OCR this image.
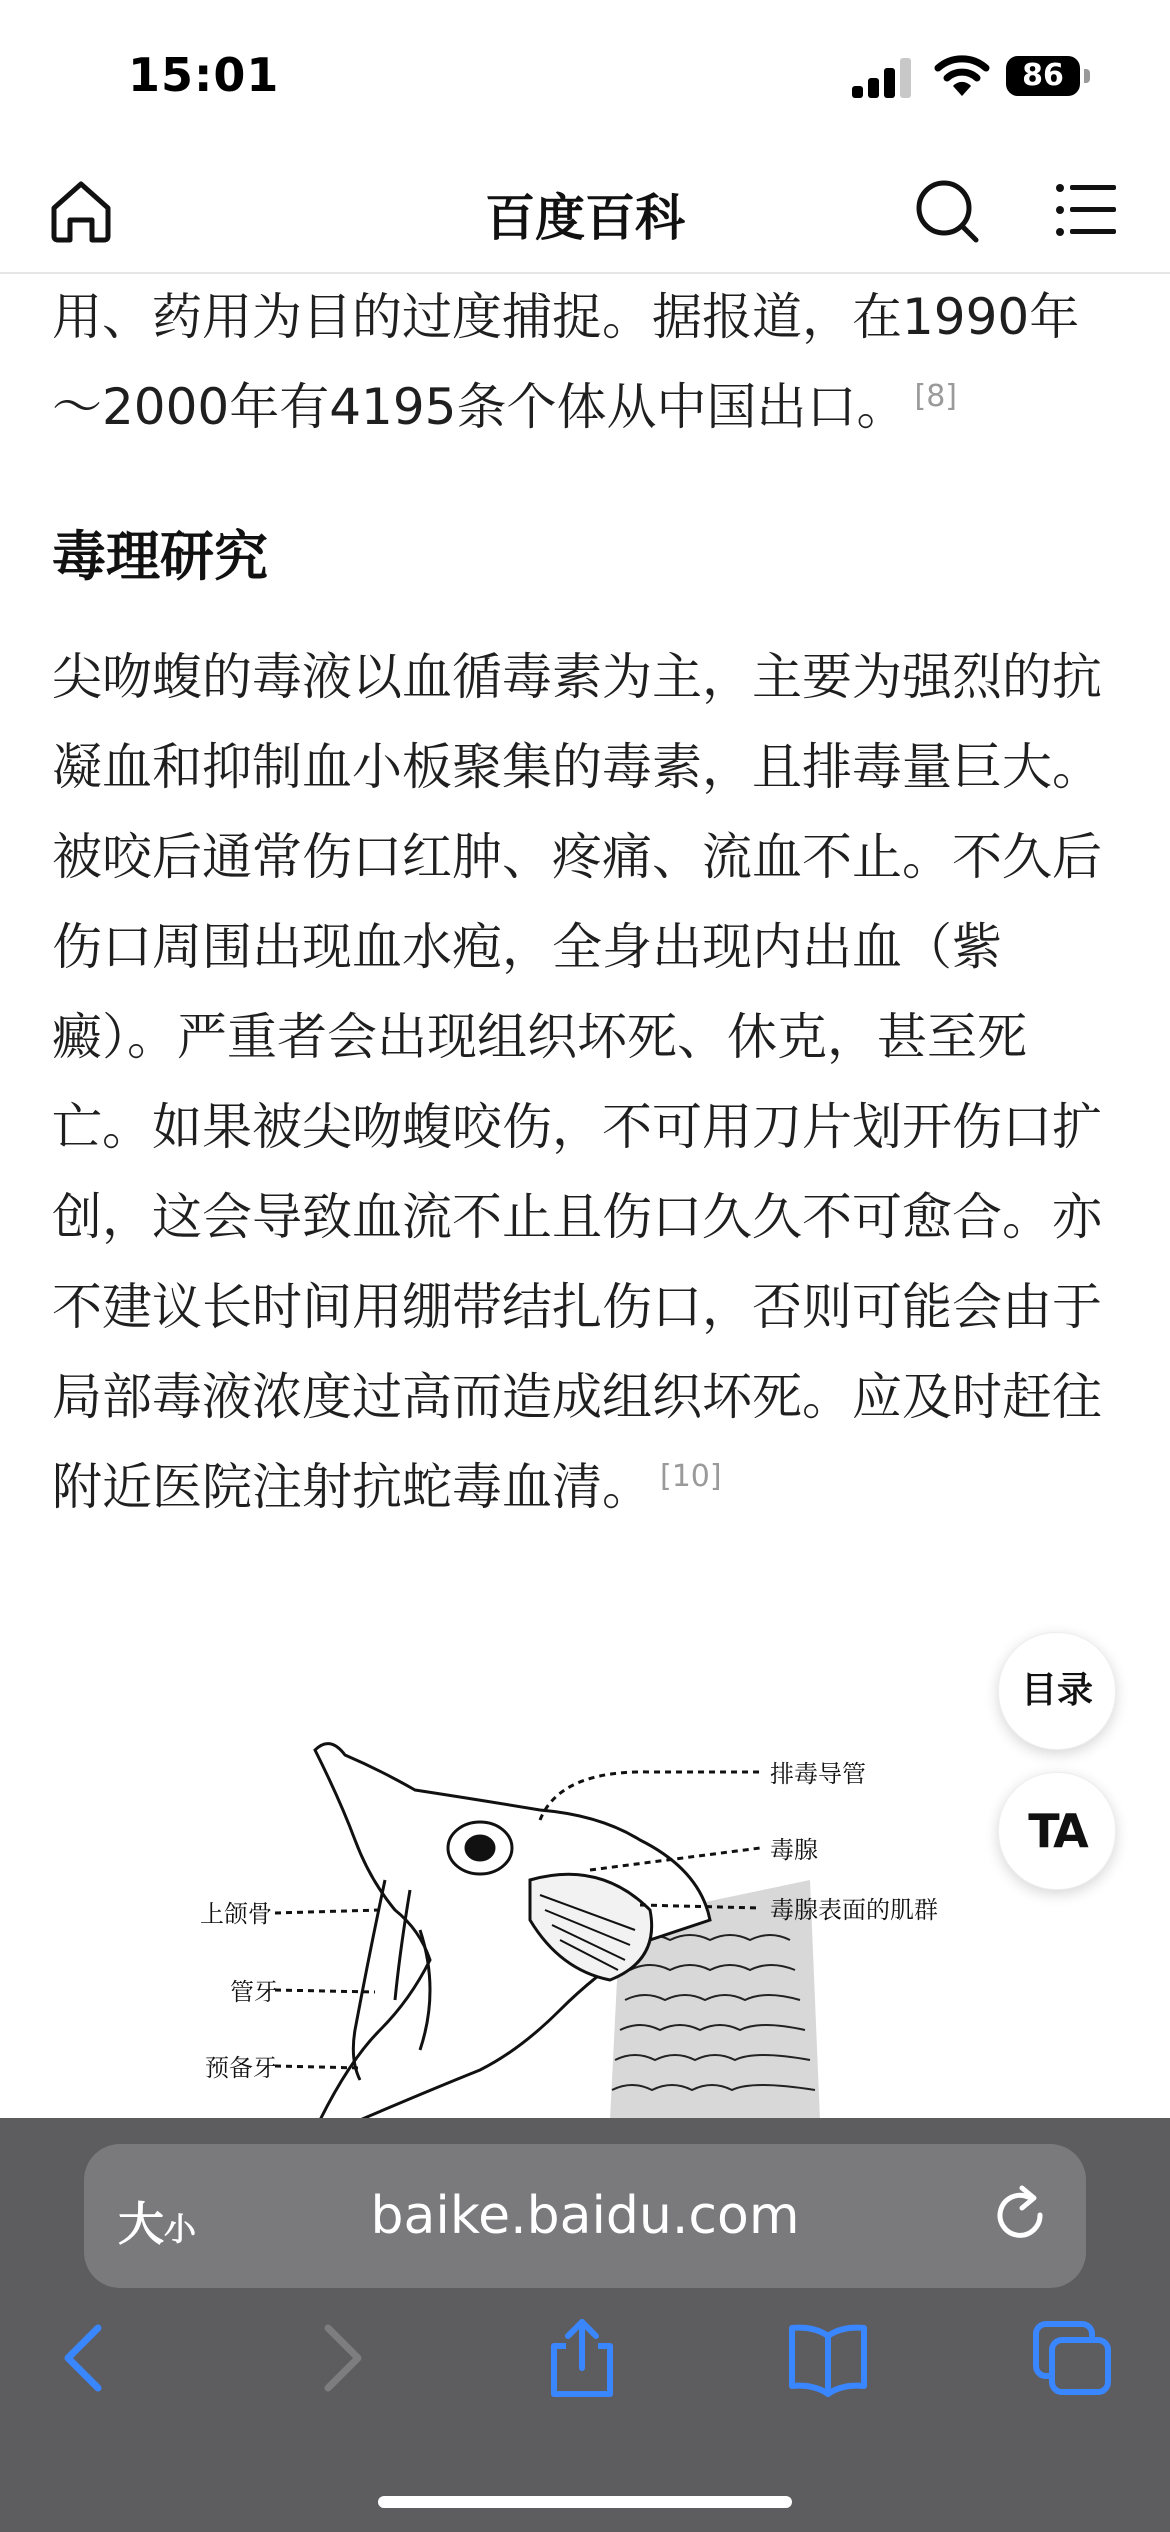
15:01	86
百度百科

用、药用为目的过度捕捉。据报道，在1990年～2000年有4195条个体从中国出口。 [8]

毒理研究

尖吻蝮的毒液以血循毒素为主，主要为强烈的抗凝血和抑制血小板聚集的毒素，且排毒量巨大。被咬后通常伤口红肿、疼痛、流血不止。不久后伤口周围出现血水疱，全身出现内出血（紫癜）。严重者会出现组织坏死、休克，甚至死亡。如果被尖吻蝮咬伤，不可用刀片划开伤口扩创，这会导致血流不止且伤口久久不可愈合。亦不建议长时间用绷带结扎伤口，否则可能会由于局部毒液浓度过高而造成组织坏死。应及时赶往附近医院注射抗蛇毒血清。 [10]

排毒导管
毒腺
毒腺表面的肌群
上颌骨
管牙
预备牙
目录
TA
大小	baike.baidu.com
